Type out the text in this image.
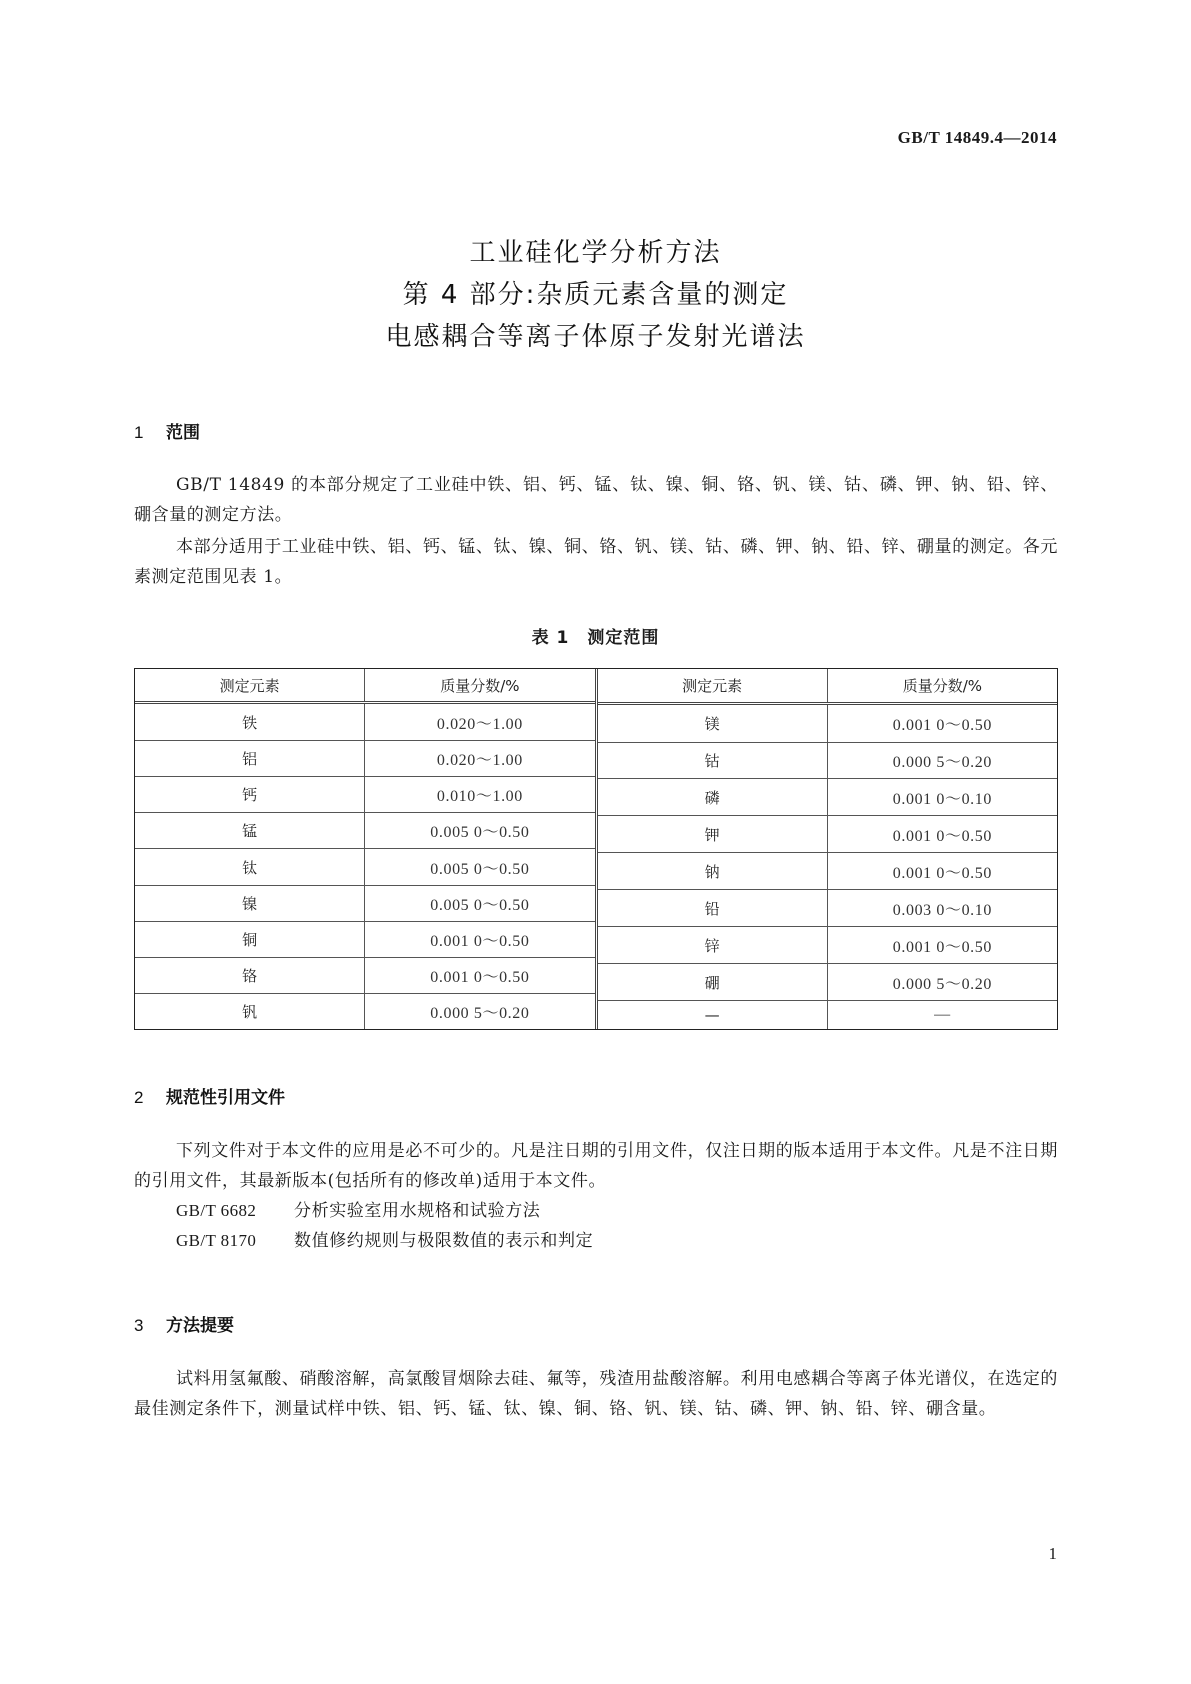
GB/T 14849.4—2014
工业硅化学分析方法
第 4 部分:杂质元素含量的测定
电感耦合等离子体原子发射光谱法
1 范围
GB/T 14849 的本部分规定了工业硅中铁、铝、钙、锰、钛、镍、铜、铬、钒、镁、钴、磷、钾、钠、铅、锌、硼含量的测定方法。
本部分适用于工业硅中铁、铝、钙、锰、钛、镍、铜、铬、钒、镁、钴、磷、钾、钠、铅、锌、硼量的测定。各元素测定范围见表 1。
表 1　测定范围
测定元素	质量分数/%
铁	0.020～1.00
铝	0.020～1.00
钙	0.010～1.00
锰	0.005 0～0.50
钛	0.005 0～0.50
镍	0.005 0～0.50
铜	0.001 0～0.50
铬	0.001 0～0.50
钒	0.000 5～0.20
测定元素	质量分数/%
镁	0.001 0～0.50
钴	0.000 5～0.20
磷	0.001 0～0.10
钾	0.001 0～0.50
钠	0.001 0～0.50
铅	0.003 0～0.10
锌	0.001 0～0.50
硼	0.000 5～0.20
—	—
2 规范性引用文件
下列文件对于本文件的应用是必不可少的。凡是注日期的引用文件，仅注日期的版本适用于本文件。凡是不注日期的引用文件，其最新版本(包括所有的修改单)适用于本文件。
GB/T 6682 分析实验室用水规格和试验方法
GB/T 8170 数值修约规则与极限数值的表示和判定
3 方法提要
试料用氢氟酸、硝酸溶解，高氯酸冒烟除去硅、氟等，残渣用盐酸溶解。利用电感耦合等离子体光谱仪，在选定的最佳测定条件下，测量试样中铁、铝、钙、锰、钛、镍、铜、铬、钒、镁、钴、磷、钾、钠、铅、锌、硼含量。
1
